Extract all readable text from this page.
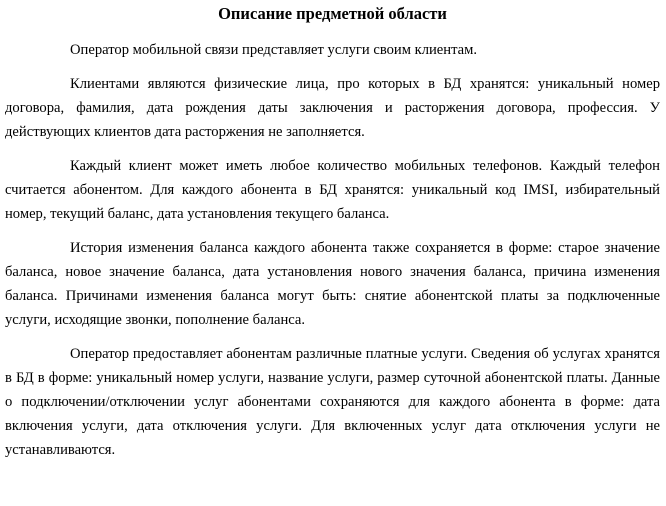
Описание предметной области

Оператор мобильной связи представляет услуги своим клиентам.

Клиентами являются физические лица, про которых в БД хранятся: уникальный номер договора, фамилия, дата рождения даты заключения и расторжения договора, профессия. У действующих клиентов дата расторжения не заполняется.

Каждый клиент может иметь любое количество мобильных телефонов. Каждый телефон считается абонентом. Для каждого абонента в БД хранятся: уникальный код IMSI, избирательный номер, текущий баланс, дата установления текущего баланса.

История изменения баланса каждого абонента также сохраняется в форме: старое значение баланса, новое значение баланса, дата установления нового значения баланса, причина изменения баланса. Причинами изменения баланса могут быть: снятие абонентской платы за подключенные услуги, исходящие звонки, пополнение баланса.

Оператор предоставляет абонентам различные платные услуги. Сведения об услугах хранятся в БД в форме: уникальный номер услуги, название услуги, размер суточной абонентской платы. Данные о подключении/отключении услуг абонентами сохраняются для каждого абонента в форме: дата включения услуги, дата отключения услуги. Для включенных услуг дата отключения услуги не устанавливаются.
